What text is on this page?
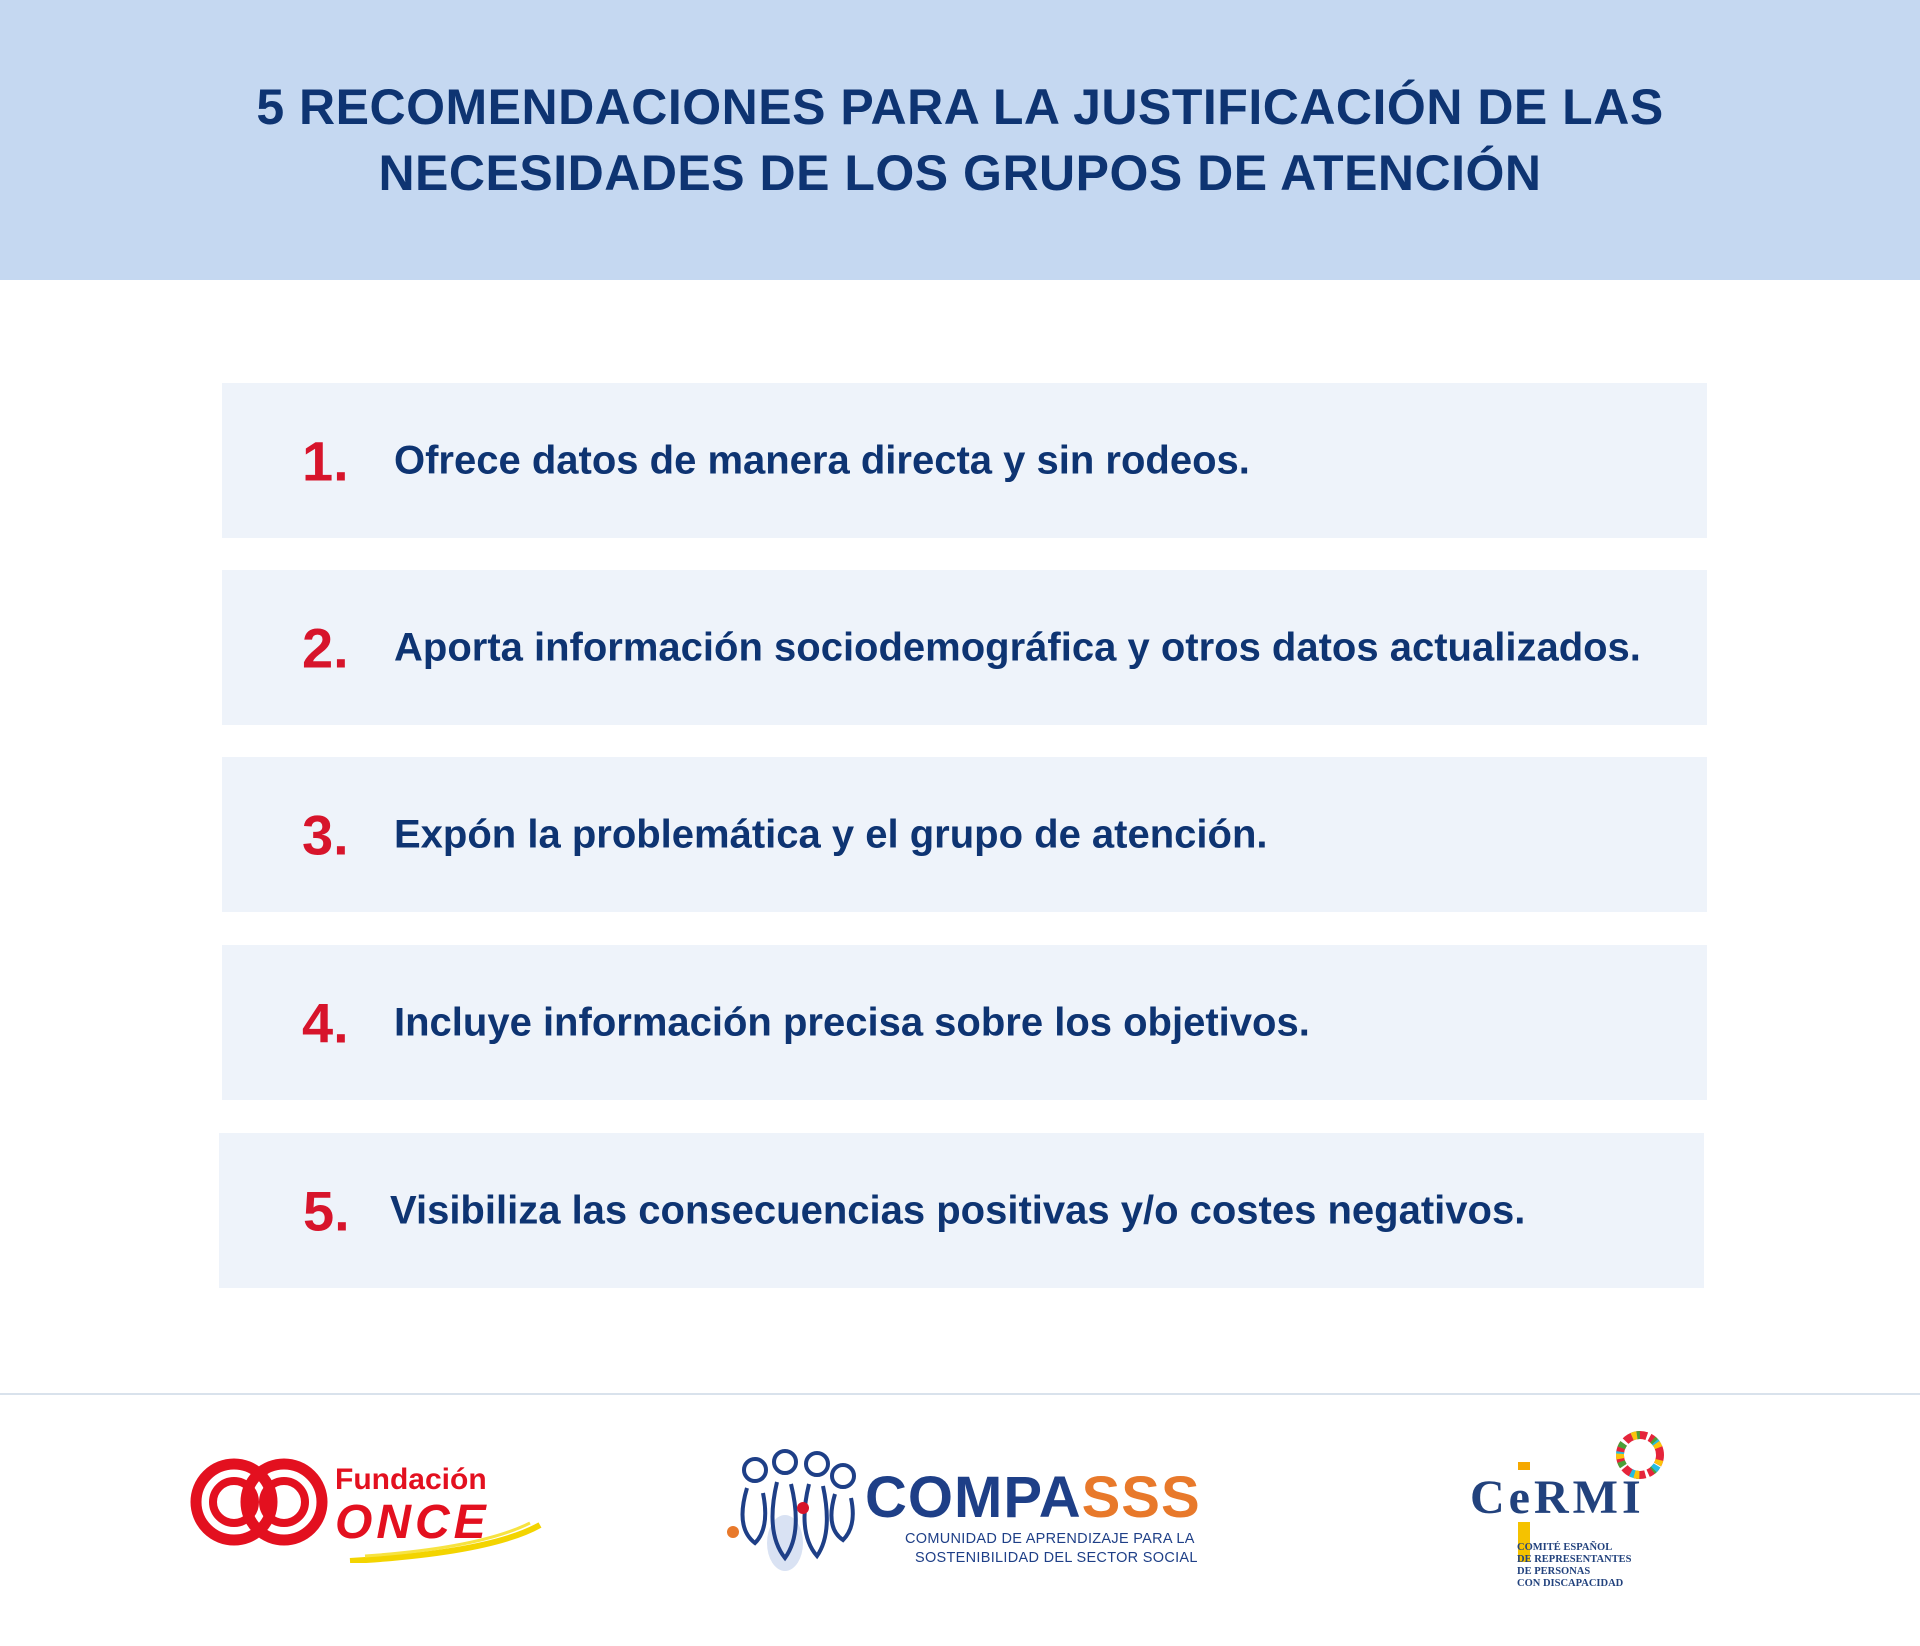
5 RECOMENDACIONES PARA LA JUSTIFICACIÓN DE LAS
NECESIDADES DE LOS GRUPOS DE ATENCIÓN
1. Ofrece datos de manera directa y sin rodeos.
2. Aporta información sociodemográfica y otros datos actualizados.
3. Expón la problemática y el grupo de atención.
4. Incluye información precisa sobre los objetivos.
5. Visibiliza las consecuencias positivas y/o costes negativos.
Fundación
ONCE	COMPASSS
COMUNIDAD DE APRENDIZAJE PARA LA
SOSTENIBILIDAD DEL SECTOR SOCIAL
CeRMI
COMITÉ ESPAÑOL
DE REPRESENTANTES
DE PERSONAS
CON DISCAPACIDAD
